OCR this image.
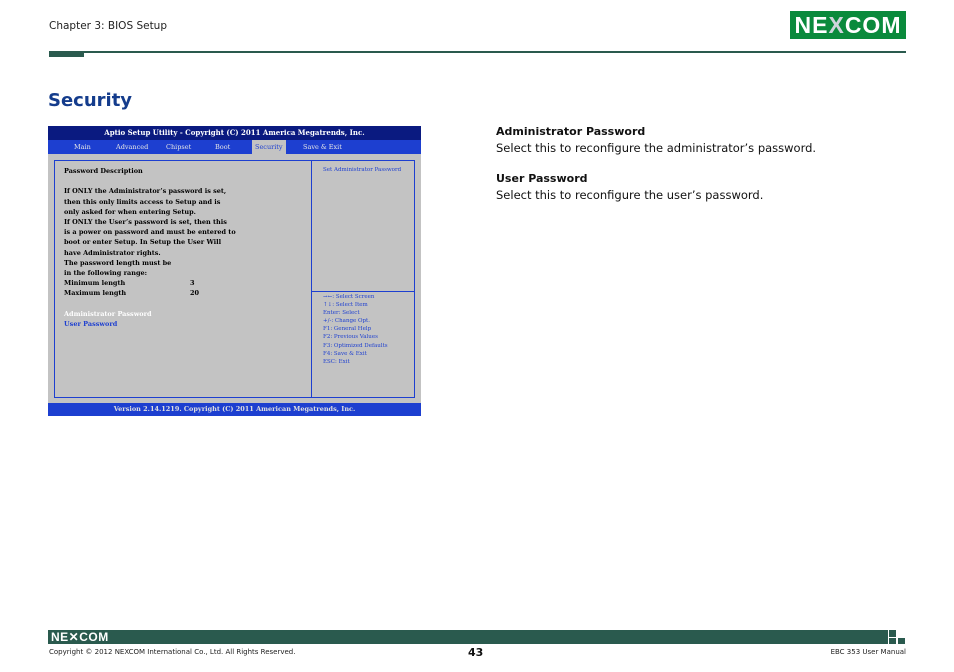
Chapter 3: BIOS Setup	NEXCOM
Security
Aptio Setup Utility - Copyright (C) 2011 America Megatrends, Inc.
Main	Advanced	Chipset	Boot	Security	Save & Exit
Password Description
If ONLY the Administrator’s password is set,
then this only limits access to Setup and is
only asked for when entering Setup.
If ONLY the User’s password is set, then this
is a power on password and must be entered to
boot or enter Setup. In Setup the User Will
have Administrator rights.
The password length must be
in the following range:
Minimum length	3
Maximum length	20
Administrator Password
User Password
Set Administrator Password
→←: Select Screen
↑↓: Select Item
Enter: Select
+/-: Change Opt.
F1: General Help
F2: Previous Values
F3: Optimized Defaults
F4: Save & Exit
ESC: Exit
Version 2.14.1219. Copyright (C) 2011 American Megatrends, Inc.
Administrator Password
Select this to reconfigure the administrator’s password.
User Password
Select this to reconfigure the user’s password.
NE✕COM
Copyright © 2012 NEXCOM International Co., Ltd. All Rights Reserved.	43	EBC 353 User Manual
